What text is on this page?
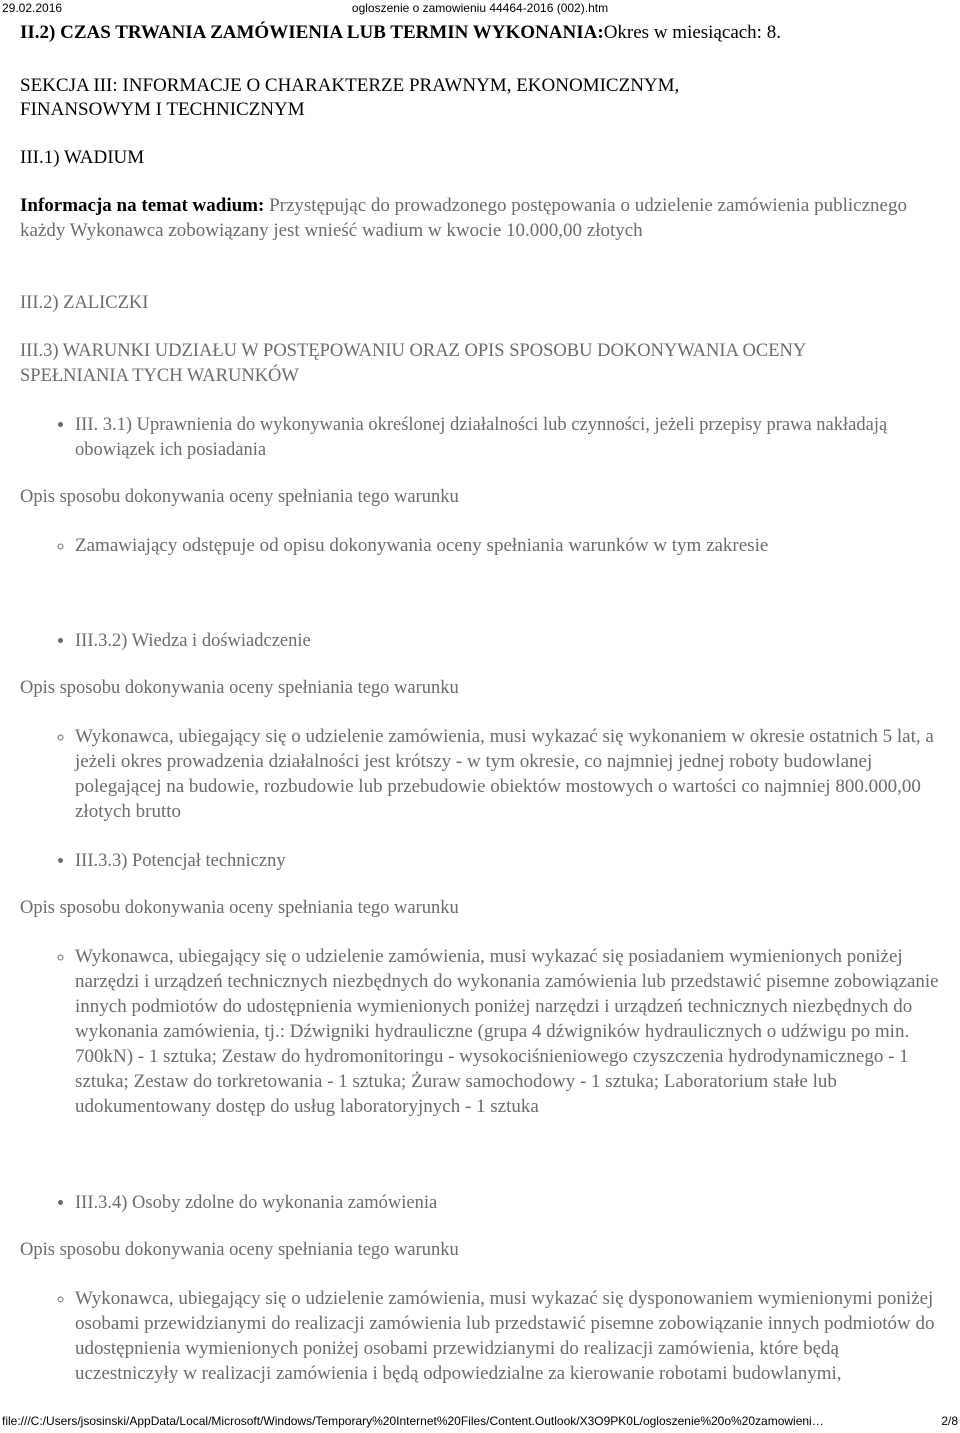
29.02.2016	ogloszenie o zamowieniu 44464-2016 (002).htm

II.2) CZAS TRWANIA ZAMÓWIENIA LUB TERMIN WYKONANIA:Okres w miesiącach: 8.

SEKCJA III: INFORMACJE O CHARAKTERZE PRAWNYM, EKONOMICZNYM,

FINANSOWYM I TECHNICZNYM

III.1) WADIUM

Informacja na temat wadium: Przystępując do prowadzonego postępowania o udzielenie zamówienia publicznego każdy Wykonawca zobowiązany jest wnieść wadium w kwocie 10.000,00 złotych

III.2) ZALICZKI

III.3) WARUNKI UDZIAŁU W POSTĘPOWANIU ORAZ OPIS SPOSOBU DOKONYWANIA OCENY SPEŁNIANIA TYCH WARUNKÓW

• III. 3.1) Uprawnienia do wykonywania określonej działalności lub czynności, jeżeli przepisy prawa nakładają obowiązek ich posiadania

Opis sposobu dokonywania oceny spełniania tego warunku

◦ Zamawiający odstępuje od opisu dokonywania oceny spełniania warunków w tym zakresie
• III.3.2) Wiedza i doświadczenie

Opis sposobu dokonywania oceny spełniania tego warunku

◦ Wykonawca, ubiegający się o udzielenie zamówienia, musi wykazać się wykonaniem w okresie ostatnich 5 lat, a jeżeli okres prowadzenia działalności jest krótszy - w tym okresie, co najmniej jednej roboty budowlanej polegającej na budowie, rozbudowie lub przebudowie obiektów mostowych o wartości co najmniej 800.000,00 złotych brutto
• III.3.3) Potencjał techniczny

Opis sposobu dokonywania oceny spełniania tego warunku

◦ Wykonawca, ubiegający się o udzielenie zamówienia, musi wykazać się posiadaniem wymienionych poniżej narzędzi i urządzeń technicznych niezbędnych do wykonania zamówienia lub przedstawić pisemne zobowiązanie innych podmiotów do udostępnienia wymienionych poniżej narzędzi i urządzeń technicznych niezbędnych do wykonania zamówienia, tj.: Dźwigniki hydrauliczne (grupa 4 dźwigników hydraulicznych o udźwigu po min. 700kN) - 1 sztuka; Zestaw do hydromonitoringu - wysokociśnieniowego czyszczenia hydrodynamicznego - 1 sztuka; Zestaw do torkretowania - 1 sztuka; Żuraw samochodowy - 1 sztuka; Laboratorium stałe lub udokumentowany dostęp do usług laboratoryjnych - 1 sztuka
• III.3.4) Osoby zdolne do wykonania zamówienia

Opis sposobu dokonywania oceny spełniania tego warunku

◦ Wykonawca, ubiegający się o udzielenie zamówienia, musi wykazać się dysponowaniem wymienionymi poniżej osobami przewidzianymi do realizacji zamówienia lub przedstawić pisemne zobowiązanie innych podmiotów do udostępnienia wymienionych poniżej osobami przewidzianymi do realizacji zamówienia, które będą uczestniczyły w realizacji zamówienia i będą odpowiedzialne za kierowanie robotami budowlanymi,
file:///C:/Users/jsosinski/AppData/Local/Microsoft/Windows/Temporary%20Internet%20Files/Content.Outlook/X3O9PK0L/ogloszenie%20o%20zamowieni…	2/8
